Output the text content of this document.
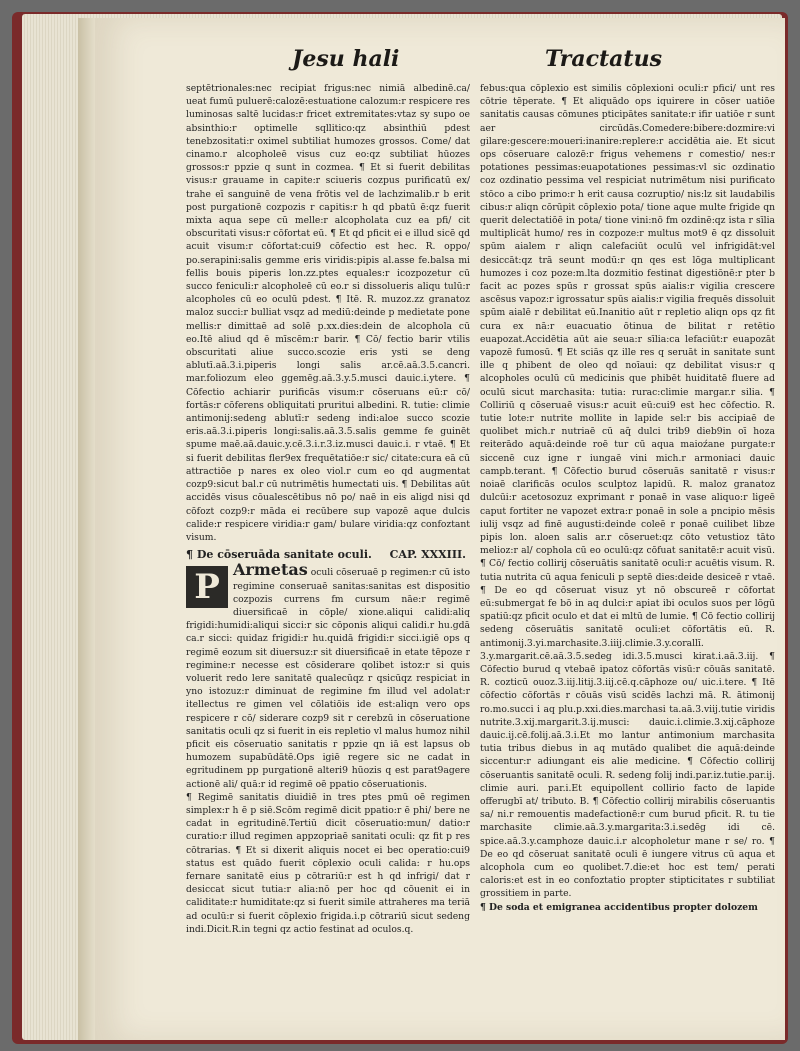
Jesu hali	Tractatus

septētrionales:nec recipiat frigus:nec nimiā albedinē.ca/ ueat fumū puluerē:calozē:estuatione calozum:r respicere res luminosas saltē lucidas:r fricet extremitates:vtaz sy supo oe absinthio:r optimelle sqllitico:qz absinthiū pdest tenebzositati:r oximel subtiliat humozes grossos. Come/ dat cinamo.r alcopholeē visus cuz eo:qz subtiliat hūozes grossos:r ppzie q sunt in cozmea. ¶ Et si fuerit debilitas visus:r grauame in capite:r sciueris cozpus purificatū ex/ trahe eī sanguinē de vena frōtis vel de lachzimalib.r b erit post purgationē cozpozis r capitis:r h qd pbatū ē:qz fuerit mixta aqua sepe cū melle:r alcopholata cuz ea pfi/ cit obscuritati visus:r cōfortat eū. ¶ Et qd pficit ei e illud sicē qd acuit visum:r cōfortat:cui9 cōfectio est hec. R. oppo/ po.serapini:salis gemme eris viridis:pipis al.asse fe.balsa mi fellis bouis piperis lon.zz.ptes equales:r icozpozetur cū succo feniculi:r alcopholeē cū eo.r si dissolueris aliqu tulū:r alcopholes cū eo oculū pdest. ¶ Itē. R. muzoz.zz granatoz maloz succi:r bulliat vsqz ad mediū:deinde p medietate pone mellis:r dimittaē ad solē p.xx.dies:dein de alcophola cū eo.Itē aliud qd ē mīscēm:r barir. ¶ Cō/ fectio barir vtilis obscuritati aliue succo.scozie eris ysti se deng ablutī.aā.3.i.piperis longi salis ar.cē.aā.3.5.cancri. mar.foliozum eleo ggemēg.aā.3.y.5.musci dauic.i.ytere. ¶ Cōfectio achiarir purificās visum:r cōseruans eū:r cō/ fortās:r cōferens obliquitati pruritui albedini. R. tutie: climie antimonij:sedeng ablutī:r sedeng indi:aloe succo scozie eris.aā.3.i.piperis longi:salis.aā.3.5.salis gemme fe guinēt spume maē.aā.dauic.y.cē.3.i.r.3.iz.musci dauic.i. r vtaē. ¶ Et si fuerit debilitas fler9ex frequētatiōe:r sic/ citate:cura eā cū attractiōe p nares ex oleo viol.r cum eo qd augmentat cozp9:sicut bal.r cū nutrimētis humectati uis. ¶ Debilitas aūt accidēs visus cōualescētibus nō po/ naē in eis aligd nisi qd cōfozt cozp9:r māda ei recūbere sup vapozē aque dulcis calide:r respicere viridia:r gam/ bulare viridia:qz confoztant visum.

¶ De cōseruāda sanitate oculi. CAP. XXXIII.
P Armetas oculi cōseruaē p regimen:r cū isto regimine conseruaē sanitas:sanitas est dispositio cozpozis currens fm cursum nāe:r regimē diuersificaē in cōple/ xione.aliqui calidi:aliq frigidi:humidi:aliqui sicci:r sic cōponis aliqui calidi.r hu.gdā ca.r sicci: quidaz frigidi:r hu.quidā frigidi:r sicci.igiē ops q regimē eozum sit diuersuz:r sit diuersificaē in etate tēpoze r regimine:r necesse est cōsiderare qolibet istoz:r si quis voluerit redo lere sanitatē qualecūqz r qsicūqz respiciat in yno istozuz:r diminuat de regimine fm illud vel adolat:r itellectus re gimen vel cōlatiōis ide est:aliqn vero ops respicere r cō/ siderare cozp9 sit r cerebzū in cōseruatione sanitatis oculi qz si fuerit in eis repletio vl malus humoz nihil pficit eis cōseruatio sanitatis r ppzie qn iā est lapsus ob humozem supabūdātē.Ops igiē regere sic ne cadat in egritudinem pp purgationē alteri9 hūozis q est parat9agere actionē ali/ quā:r id regimē oē ppatio cōseruationis.

¶ Regimē sanitatis diuidiē in tres ptes pmū oē regimen simplex:r h ē p siē.Scōm regimē dicit ppatio:r ē phi/ bere ne cadat in egritudinē.Tertiū dicit cōseruatio:mun/ datio:r curatio:r illud regimen appzopriaē sanitati oculi: qz fit p res cōtrarias. ¶ Et si dixerit aliquis nocet ei bec operatio:cui9 status est quādo fuerit cōplexio oculi calida: r hu.ops fernare sanitatē eius p cōtrariū:r est h qd infrigi/ dat r desiccat sicut tutia:r alia:nō per hoc qd cōuenit ei in caliditate:r humiditate:qz si fuerit simile attraheres ma teriā ad oculū:r si fuerit cōplexio frigida.i.p cōtrariū sicut sedeng indi.Dicit.R.in tegni qz actio festinat ad oculos.q.

febus:qua cōplexio est similis cōplexioni oculi:r pfici/ unt res cōtrie tēperate. ¶ Et aliquādo ops iquirere in cōser uatiōe sanitatis causas cōmunes pticipātes sanitate:r ifir uatiōe r sunt aer circūdās.Comedere:bibere:dozmire:vi gilare:gescere:moueri:inanire:replere:r accidētia aie. Et sicut ops cōseruare calozē:r frigus vehemens r comestio/ nes:r potationes pessimas:euapotationes pessimas:vl sic ozdinatio coz ozdinatio pessima vel respiciat nutrimētum nisi purificato stōco a cibo primo:r h erit causa cozruptio/ nis:lz sit laudabilis cibus:r aliqn cōrūpit cōplexio pota/ tione aque multe frigide qn querit delectatiōē in pota/ tione vini:nō fm ozdinē:qz ista r sīlia multiplicāt humo/ res in cozpoze:r multus mot9 ē qz dissoluit spūm aialem r aliqn calefaciūt oculū vel infrigidāt:vel desiccāt:qz trā seunt modū:r qn qes est lōga multiplicant humozes i coz poze:m.lta dozmitio festinat digestiōnē:r pter b facit ac pozes spūs r grossat spūs aialis:r vigilia crescere ascēsus vapoz:r igrossatur spūs aialis:r vigilia frequēs dissoluit spūm aialē r debilitat eū.Inanitio aūt r repletio aliqn ops qz fit cura ex nā:r euacuatio ōtinua de bilitat r retētio euapozat.Accidētia aūt aie seua:r sīlia:ca lefaciūt:r euapozāt vapozē fumosū. ¶ Et sciās qz ille res q seruāt in sanitate sunt ille q phibent de oleo qd noīaui: qz debilitat visus:r q alcopholes oculū cū medicinis que phibēt huiditatē fluere ad oculū sicut marchasita: tutia: rurac:climie margar.r silia. ¶ Colliriū q cōseruaē visus:r acuit eū:cui9 est hec cōfectio. R. tutie lote:r nutrite mollite in lapide sel:r bis accipiaē de quolibet mich.r nutriaē cū aq̄ dulci trib9 dieb9in oī hoza reiterādo aquā:deinde roē tur cū aqua maioźane purgate:r siccenē cuz igne r iungaē vini mich.r armoniaci dauic campb.terant. ¶ Cōfectio burud cōseruās sanitatē r visus:r noiaē clarificās oculos sculptoz lapidū. R. maloz granatoz dulcūi:r acetosozuz exprimant r ponaē in vase aliquo:r ligeē caput fortiter ne vapozet extra:r ponaē in sole a pncipio mēsis iulij vsqz ad finē augusti:deinde coleē r ponaē cuilibet libze pipis lon. aloen salis ar.r cōseruet:qz cōto vetustioz tāto melioz:r al/ cophola cū eo oculū:qz cōfuat sanitatē:r acuit visū. ¶ Cō/ fectio collirij cōseruātis sanitatē oculi:r acuētis visum. R. tutia nutrita cū aqua feniculi p septē dies:deide desiceē r vtaē. ¶ De eo qd cōseruat visuz yt nō obscureē r cōfortat eū:submergat fe bō in aq dulci:r apiat ibi oculos suos per lōgū spatiū:qz pficit oculo et dat ei mltū de lumie. ¶ Cō fectio collirij sedeng cōseruātis sanitatē oculi:et cōfortātis eū. R. antimonij.3.yi.marchasite.3.iiij.climie.3.y.corallī. 3.y.margarit.cē.aā.3.5.sedeg idi.3.5.musci kirat.i.aā.3.iij. ¶ Cōfectio burud q vtebaē ipatoz cōfortās visū:r cōuās sanitatē. R. cozticū ouoz.3.iij.litij.3.iij.cē.q.cāphoze ou/ uic.i.tere. ¶ Itē cōfectio cōfortās r cōuās visū scidēs lachzi mā. R. ātimonij ro.mo.succi i aq plu.p.xxi.dies.marchasi ta.aā.3.viij.tutie viridis nutrite.3.xij.margarit.3.ij.musci: dauic.i.climie.3.xij.cāphoze dauic.ij.cē.folij.aā.3.i.Et mo lantur antimonium marchasita tutia tribus diebus in aq mutādo qualibet die aquā:deinde siccentur:r adiungant eis alie medicine. ¶ Cōfectio collirij cōseruantis sanitatē oculi. R. sedeng folij indi.par.iz.tutie.par.ij. climie auri. par.i.Et equipollent collirio facto de lapide offerugbī at/ tributo. B. ¶ Cōfectio collirij mirabilis cōseruantis sa/ ni.r remouentis madefactionē:r cum burud pficit. R. tu tie marchasite climie.aā.3.y.margarita:3.i.sedēg idi cē. spice.aā.3.y.camphoze dauic.i.r alcopholetur mane r se/ ro. ¶ De eo qd cōseruat sanitatē oculi ē iungere vitrus cū aqua et alcophola cum eo quolibet.7.die:et hoc est tem/ perati caloris:et est in eo confoztatio propter stipticitates r subtiliat grossitiem in parte.

¶ De soda et emigranea accidentibus propter dolozem
